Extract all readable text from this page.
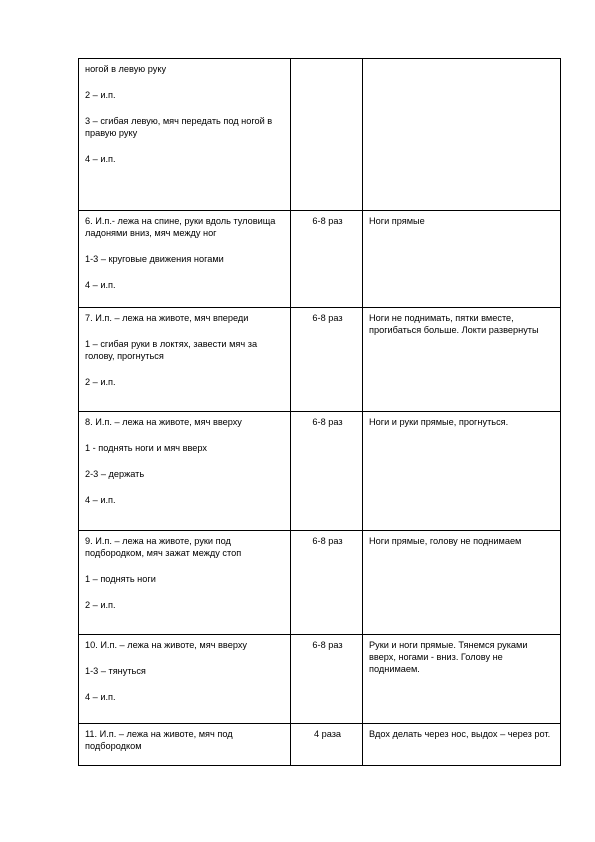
ногой в левую руку
2 – и.п.
3 – сгибая левую, мяч передать под ногой в правую руку
4 – и.п.		

6. И.п.- лежа на спине, руки вдоль туловища ладонями вниз, мяч между ног
1-3 – круговые движения ногами
4 – и.п.	6-8 раз	Ноги прямые

7. И.п. – лежа на животе, мяч впереди
1 – сгибая руки в локтях, завести мяч за голову, прогнуться
2 – и.п.	6-8 раз	Ноги не поднимать, пятки вместе, прогибаться больше. Локти развернуты

8. И.п. – лежа на животе, мяч вверху
1 - поднять ноги и мяч вверх
2-3 – держать
4 – и.п.	6-8 раз	Ноги и руки прямые, прогнуться.

9. И.п. – лежа на животе, руки под подбородком, мяч зажат между стоп
1 – поднять ноги
2 – и.п.	6-8 раз	Ноги прямые, голову не поднимаем

10. И.п. – лежа на животе, мяч вверху
1-3 – тянуться
4 – и.п.	6-8 раз	Руки и ноги прямые. Тянемся руками вверх, ногами - вниз. Голову не поднимаем.

11. И.п. – лежа на животе, мяч под подбородком	4 раза	Вдох делать через нос, выдох – через рот.
